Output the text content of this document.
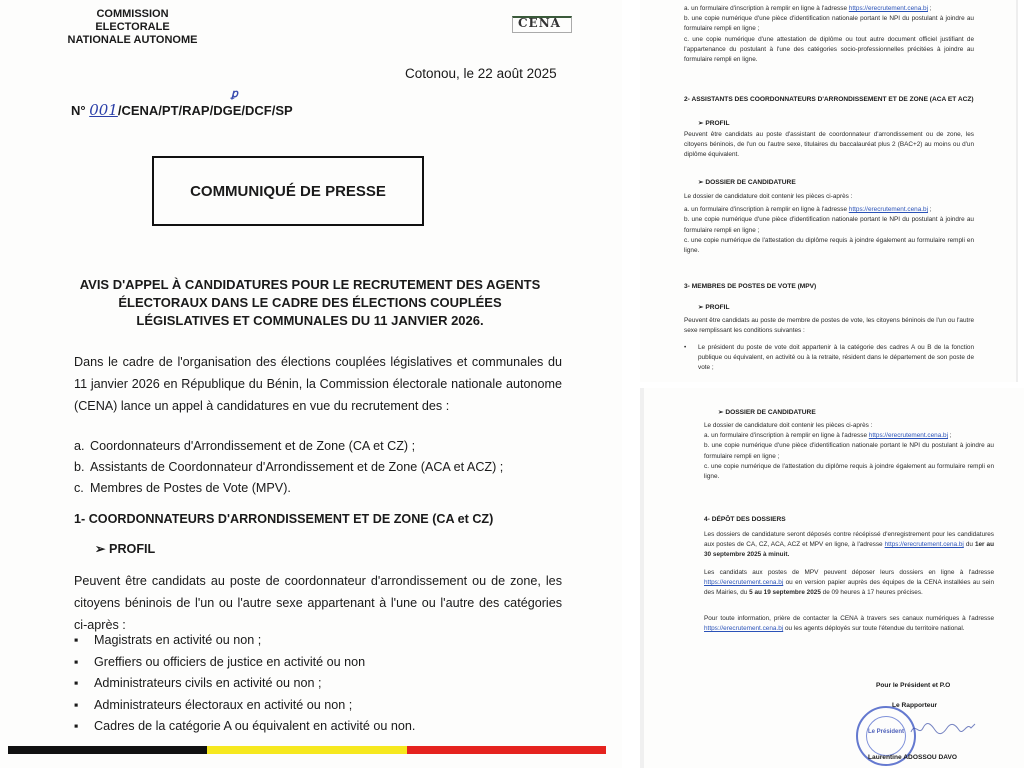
COMMISSION ELECTORALE
NATIONALE AUTONOME
CENA
Cotonou, le 22 août 2025
N° 001/CENA/PT/RAP/DGE/DCF/SP
ꝑ
COMMUNIQUÉ DE PRESSE
AVIS D'APPEL À CANDIDATURES POUR LE RECRUTEMENT DES AGENTS
ÉLECTORAUX DANS LE CADRE DES ÉLECTIONS COUPLÉES
LÉGISLATIVES ET COMMUNALES DU 11 JANVIER 2026.
Dans le cadre de l'organisation des élections couplées législatives et communales du 11 janvier 2026 en République du Bénin, la Commission électorale nationale autonome (CENA) lance un appel à candidatures en vue du recrutement des :
a. Coordonnateurs d'Arrondissement et de Zone (CA et CZ) ;
b. Assistants de Coordonnateur d'Arrondissement et de Zone (ACA et ACZ) ;
c. Membres de Postes de Vote (MPV).
1- COORDONNATEURS D'ARRONDISSEMENT ET DE ZONE (CA et CZ)
➢ PROFIL
Peuvent être candidats au poste de coordonnateur d'arrondissement ou de zone, les citoyens béninois de l'un ou l'autre sexe appartenant à l'une ou l'autre des catégories ci-après :
▪ Magistrats en activité ou non ;
▪ Greffiers ou officiers de justice en activité ou non
▪ Administrateurs civils en activité ou non ;
▪ Administrateurs électoraux en activité ou non ;
▪ Cadres de la catégorie A ou équivalent en activité ou non.
a. un formulaire d'inscription à remplir en ligne à l'adresse https://erecrutement.cena.bj ;
b. une copie numérique d'une pièce d'identification nationale portant le NPI du postulant à joindre au formulaire rempli en ligne ;
c. une copie numérique d'une attestation de diplôme ou tout autre document officiel justifiant de l'appartenance du postulant à l'une des catégories socio-professionnelles précitées à joindre au formulaire rempli en ligne.
2- ASSISTANTS DES COORDONNATEURS D'ARRONDISSEMENT ET DE ZONE (ACA ET ACZ)
➢ PROFIL
Peuvent être candidats au poste d'assistant de coordonnateur d'arrondissement ou de zone, les citoyens béninois, de l'un ou l'autre sexe, titulaires du baccalauréat plus 2 (BAC+2) au moins ou d'un diplôme équivalent.
➢ DOSSIER DE CANDIDATURE
Le dossier de candidature doit contenir les pièces ci-après :
a. un formulaire d'inscription à remplir en ligne à l'adresse https://erecrutement.cena.bj ;
b. une copie numérique d'une pièce d'identification nationale portant le NPI du postulant à joindre au formulaire rempli en ligne ;
c. une copie numérique de l'attestation du diplôme requis à joindre également au formulaire rempli en ligne.
3- MEMBRES DE POSTES DE VOTE (MPV)
➢ PROFIL
Peuvent être candidats au poste de membre de postes de vote, les citoyens béninois de l'un ou l'autre sexe remplissant les conditions suivantes :
•	Le président du poste de vote doit appartenir à la catégorie des cadres A ou B de la fonction publique ou équivalent, en activité ou à la retraite, résident dans le département de son poste de vote ;
➢ DOSSIER DE CANDIDATURE
Le dossier de candidature doit contenir les pièces ci-après :
a. un formulaire d'inscription à remplir en ligne à l'adresse https://erecrutement.cena.bj ;
b. une copie numérique d'une pièce d'identification nationale portant le NPI du postulant à joindre au formulaire rempli en ligne ;
c. une copie numérique de l'attestation du diplôme requis à joindre également au formulaire rempli en ligne.
4- DÉPÔT DES DOSSIERS
Les dossiers de candidature seront déposés contre récépissé d'enregistrement pour les candidatures aux postes de CA, CZ, ACA, ACZ et MPV en ligne, à l'adresse https://erecrutement.cena.bj du 1er au 30 septembre 2025 à minuit.
Les candidats aux postes de MPV peuvent déposer leurs dossiers en ligne à l'adresse https://erecrutement.cena.bj ou en version papier auprès des équipes de la CENA installées au sein des Mairies, du 5 au 19 septembre 2025 de 09 heures à 17 heures précises.
Pour toute information, prière de contacter la CENA à travers ses canaux numériques à l'adresse https://erecrutement.cena.bj ou les agents déployés sur toute l'étendue du territoire national.
Pour le Président et P.O
Le Rapporteur
Le Président
Laurentine ADOSSOU DAVO
